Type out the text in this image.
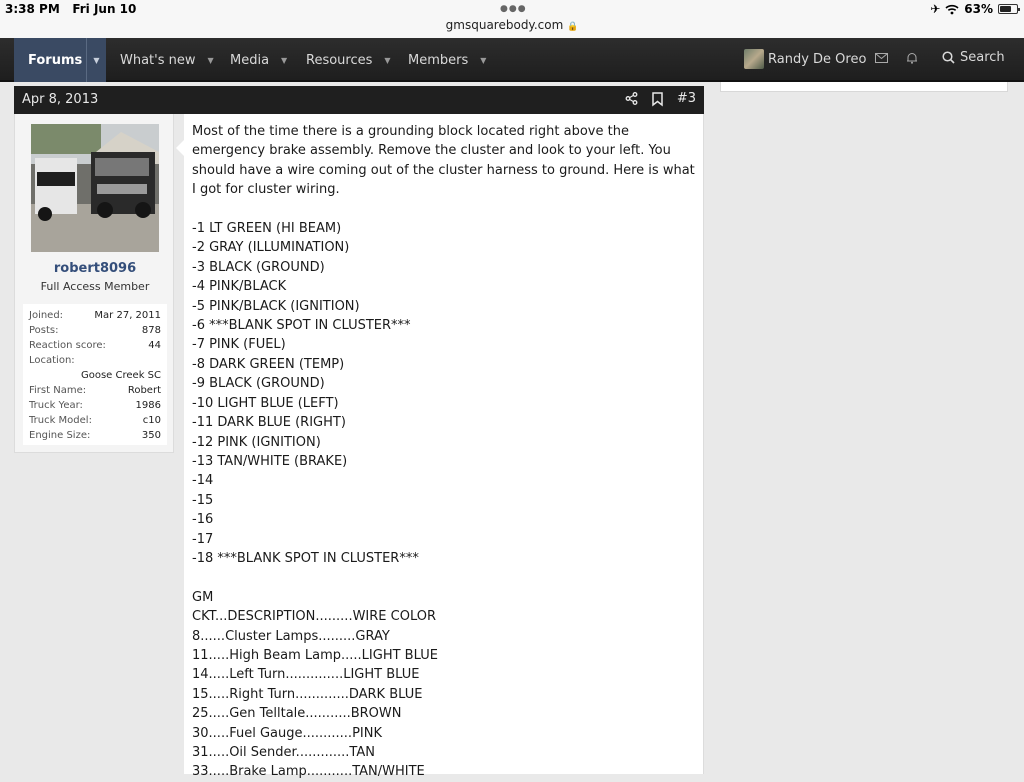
3:38 PM Fri Jun 10	●●●
gmsquarebody.com 🔒
✈ 63%
Forums	▼	What's new ▼ Media ▼ Resources ▼ Members ▼	Randy De Oreo	Search
Apr 8, 2013	#3
robert8096
Full Access Member
Joined:	Mar 27, 2011
Posts:	878
Reaction score:	44
Location:
Goose Creek SC
First Name:	Robert
Truck Year:	1986
Truck Model:	c10
Engine Size:	350
Most of the time there is a grounding block located right above the emergency brake assembly. Remove the cluster and look to your left. You should have a wire coming out of the cluster harness to ground. Here is what I got for cluster wiring.

-1 LT GREEN (HI BEAM)
-2 GRAY (ILLUMINATION)
-3 BLACK (GROUND)
-4 PINK/BLACK
-5 PINK/BLACK (IGNITION)
-6 ***BLANK SPOT IN CLUSTER***
-7 PINK (FUEL)
-8 DARK GREEN (TEMP)
-9 BLACK (GROUND)
-10 LIGHT BLUE (LEFT)
-11 DARK BLUE (RIGHT)
-12 PINK (IGNITION)
-13 TAN/WHITE (BRAKE)
-14
-15
-16
-17
-18 ***BLANK SPOT IN CLUSTER***

GM
CKT...DESCRIPTION.........WIRE COLOR
8......Cluster Lamps.........GRAY
11.....High Beam Lamp.....LIGHT BLUE
14.....Left Turn..............LIGHT BLUE
15.....Right Turn.............DARK BLUE
25.....Gen Telltale...........BROWN
30.....Fuel Gauge............PINK
31.....Oil Sender.............TAN
33.....Brake Lamp...........TAN/WHITE
